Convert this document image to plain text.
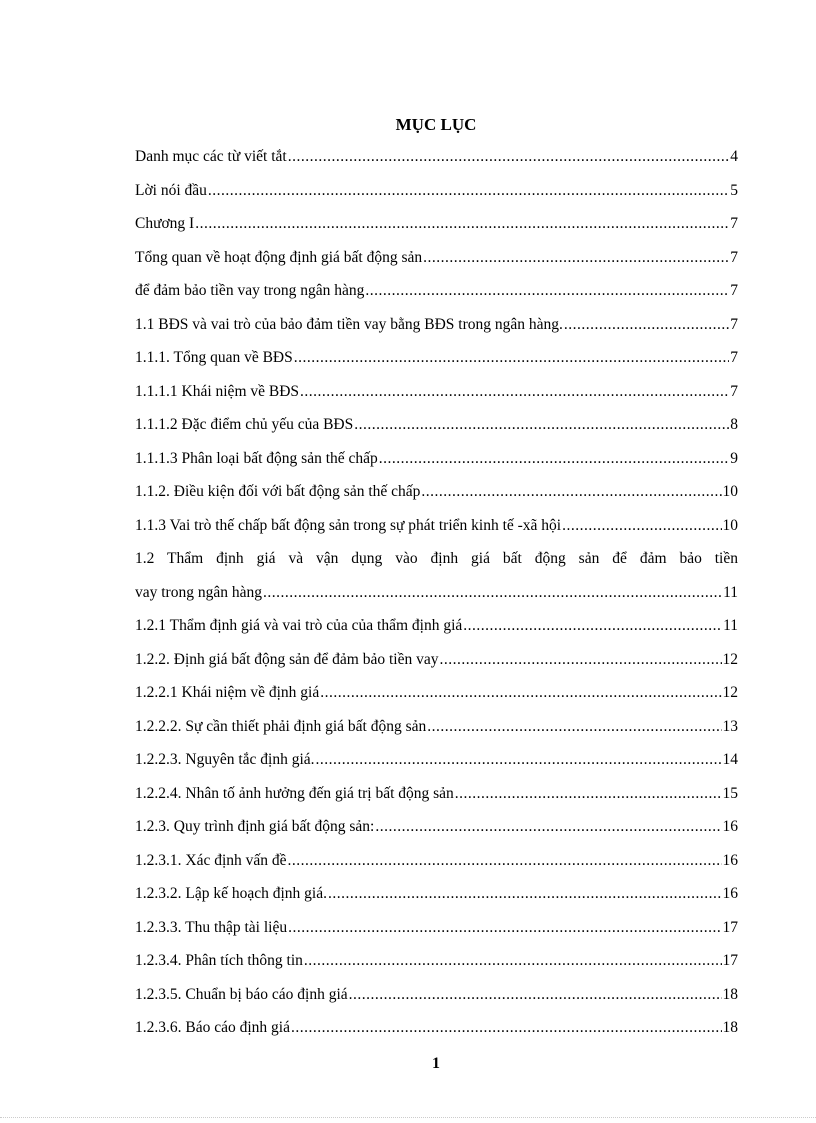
MỤC LỤC
Danh mục các từ viết tắt .....	4
Lời nói đầu .....	5
Chương I .....	7
Tổng quan về hoạt động định giá bất động sản .....	7
để đảm bảo tiền vay trong ngân hàng .....	7
1.1 BĐS và vai trò của bảo đảm tiền vay bằng BĐS trong ngân hàng. .....	7
1.1.1. Tổng quan về BĐS .....	7
1.1.1.1 Khái niệm về BĐS .....	7
1.1.1.2 Đặc điểm chủ yếu của BĐS .....	8
1.1.1.3 Phân loại bất động sản thế chấp .....	9
1.1.2. Điều kiện đối với bất động sản thế chấp .....	10
1.1.3 Vai trò thế chấp bất động sản trong sự phát triển kinh tế -xã hội .....	10
1.2 Thẩm định giá và vận dụng vào định giá bất động sản để đảm bảo tiền
vay trong ngân hàng .....	11
1.2.1 Thẩm định giá và vai trò của của thẩm định giá .....	11
1.2.2. Định giá bất động sản để đảm bảo tiền vay .....	12
1.2.2.1 Khái niệm về định giá .....	12
1.2.2.2. Sự cần thiết phải định giá bất động sản .....	13
1.2.2.3. Nguyên tắc định giá. .....	14
1.2.2.4. Nhân tố ảnh hưởng đến giá trị bất động sản .....	15
1.2.3. Quy trình định giá bất động sản: .....	16
1.2.3.1. Xác định vấn đề .....	16
1.2.3.2. Lập kế hoạch định giá. .....	16
1.2.3.3. Thu thập tài liệu .....	17
1.2.3.4. Phân tích thông tin .....	17
1.2.3.5. Chuẩn bị báo cáo định giá .....	18
1.2.3.6. Báo cáo định giá .....	18
1
